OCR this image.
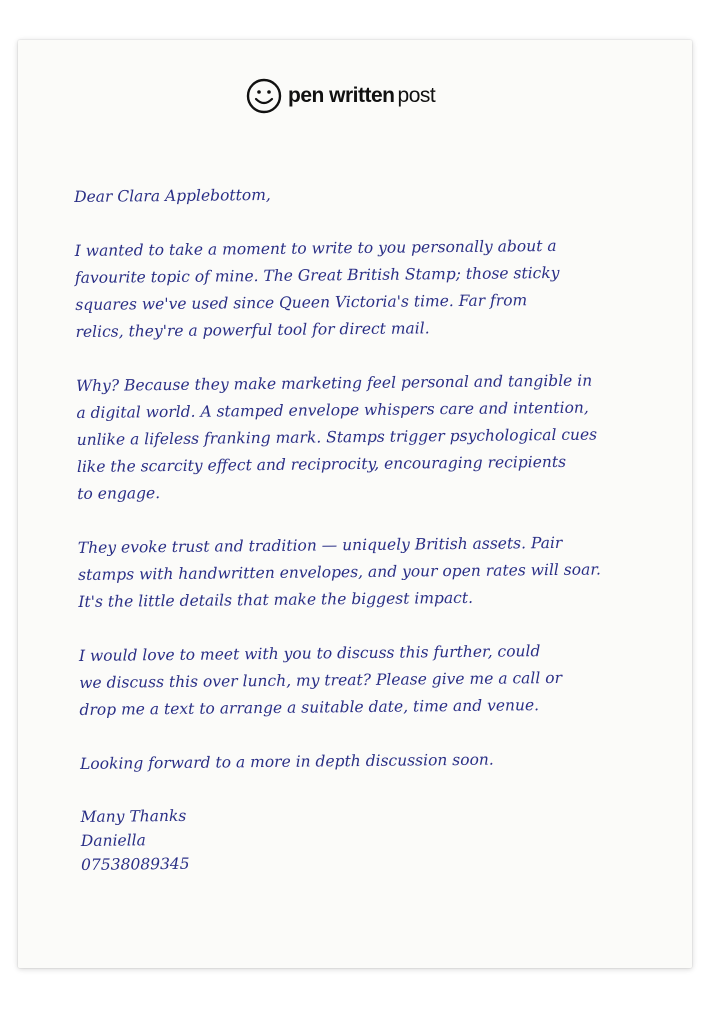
pen written post
Dear Clara Applebottom,
I wanted to take a moment to write to you personally about a
favourite topic of mine. The Great British Stamp; those sticky
squares we've used since Queen Victoria's time. Far from
relics, they're a powerful tool for direct mail.
Why? Because they make marketing feel personal and tangible in
a digital world. A stamped envelope whispers care and intention,
unlike a lifeless franking mark. Stamps trigger psychological cues
like the scarcity effect and reciprocity, encouraging recipients
to engage.
They evoke trust and tradition — uniquely British assets. Pair
stamps with handwritten envelopes, and your open rates will soar.
It's the little details that make the biggest impact.
I would love to meet with you to discuss this further, could
we discuss this over lunch, my treat? Please give me a call or
drop me a text to arrange a suitable date, time and venue.
Looking forward to a more in depth discussion soon.
Many Thanks
Daniella
07538089345
